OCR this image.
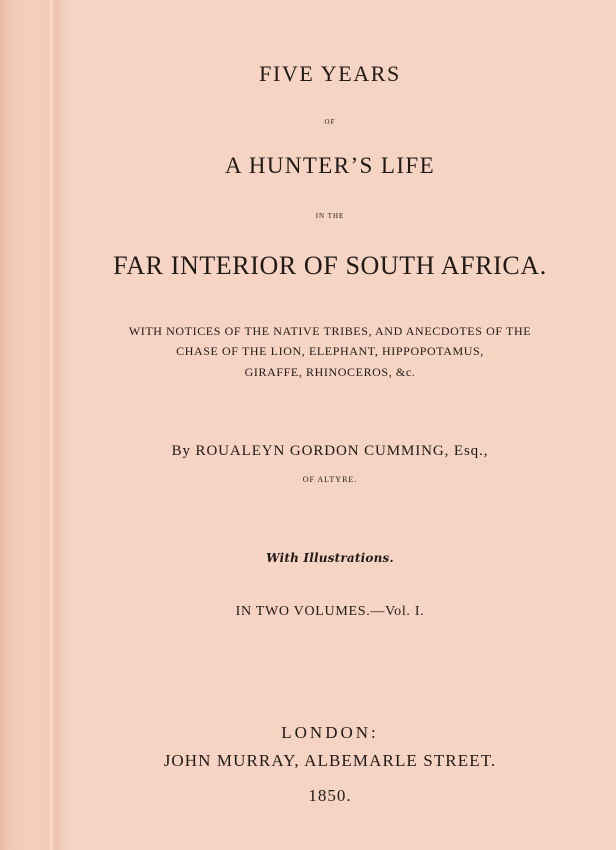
FIVE YEARS
OF
A HUNTER’S LIFE
IN THE
FAR INTERIOR OF SOUTH AFRICA.
WITH NOTICES OF THE NATIVE TRIBES, AND ANECDOTES OF THE
CHASE OF THE LION, ELEPHANT, HIPPOPOTAMUS,
GIRAFFE, RHINOCEROS, &c.
By ROUALEYN GORDON CUMMING, Esq.,
OF ALTYRE.
With Illustrations.
IN TWO VOLUMES.—Vol. I.
LONDON:
JOHN MURRAY, ALBEMARLE STREET.
1850.
